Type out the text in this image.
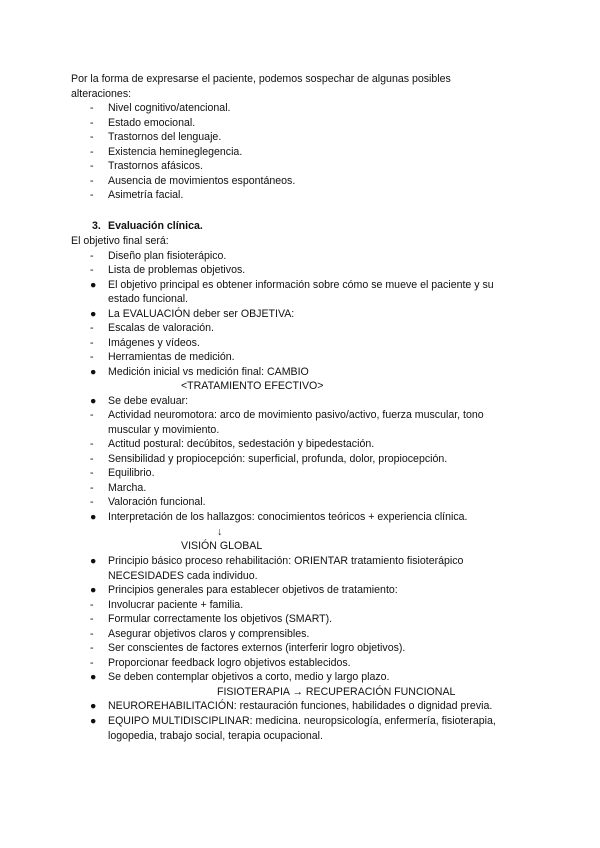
Por la forma de expresarse el paciente, podemos sospechar de algunas posibles
alteraciones:
- Nivel cognitivo/atencional.
- Estado emocional.
- Trastornos del lenguaje.
- Existencia hemineglegencia.
- Trastornos afásicos.
- Ausencia de movimientos espontáneos.
- Asimetría facial.
3. Evaluación clínica.
El objetivo final será:
- Diseño plan fisioterápico.
- Lista de problemas objetivos.
● El objetivo principal es obtener información sobre cómo se mueve el paciente y su
estado funcional.
● La EVALUACIÓN deber ser OBJETIVA:
- Escalas de valoración.
- Imágenes y vídeos.
- Herramientas de medición.
● Medición inicial vs medición final: CAMBIO
<TRATAMIENTO EFECTIVO>
● Se debe evaluar:
- Actividad neuromotora: arco de movimiento pasivo/activo, fuerza muscular, tono
muscular y movimiento.
- Actitud postural: decúbitos, sedestación y bipedestación.
- Sensibilidad y propiocepción: superficial, profunda, dolor, propiocepción.
- Equilibrio.
- Marcha.
- Valoración funcional.
● Interpretación de los hallazgos: conocimientos teóricos + experiencia clínica.
↓
VISIÓN GLOBAL
● Principio básico proceso rehabilitación: ORIENTAR tratamiento fisioterápico
NECESIDADES cada individuo.
● Principios generales para establecer objetivos de tratamiento:
- Involucrar paciente + familia.
- Formular correctamente los objetivos (SMART).
- Asegurar objetivos claros y comprensibles.
- Ser conscientes de factores externos (interferir logro objetivos).
- Proporcionar feedback logro objetivos establecidos.
● Se deben contemplar objetivos a corto, medio y largo plazo.
FISIOTERAPIA → RECUPERACIÓN FUNCIONAL
● NEUROREHABILITACIÓN: restauración funciones, habilidades o dignidad previa.
● EQUIPO MULTIDISCIPLINAR: medicina. neuropsicología, enfermería, fisioterapia,
logopedia, trabajo social, terapia ocupacional.
